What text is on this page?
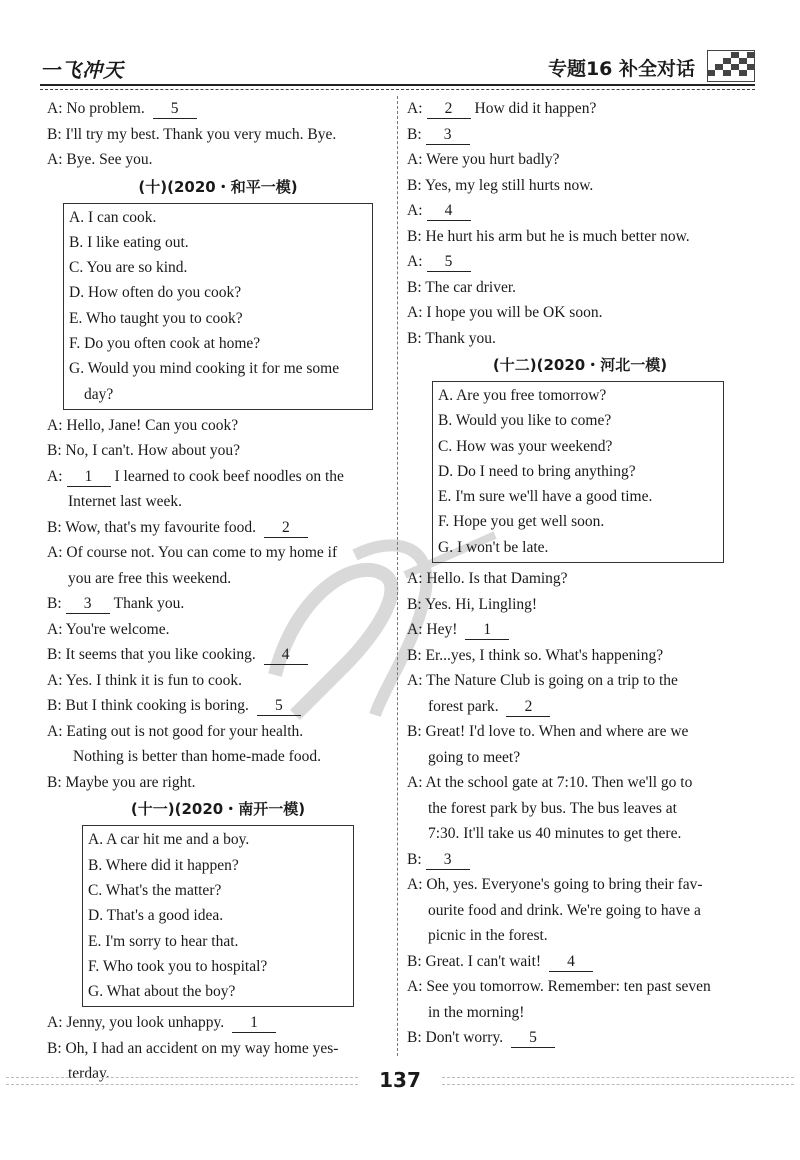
一飞冲天	专题16 补全对话
A: No problem. 5
B: I'll try my best. Thank you very much. Bye.
A: Bye. See you.
(十)(2020・和平一模)
A. I can cook.
B. I like eating out.
C. You are so kind.
D. How often do you cook?
E. Who taught you to cook?
F. Do you often cook at home?
G. Would you mind cooking it for me some
day?
A: Hello, Jane! Can you cook?
B: No, I can't. How about you?
A: 1 I learned to cook beef noodles on the
Internet last week.
B: Wow, that's my favourite food. 2
A: Of course not. You can come to my home if
you are free this weekend.
B: 3 Thank you.
A: You're welcome.
B: It seems that you like cooking. 4
A: Yes. I think it is fun to cook.
B: But I think cooking is boring. 5
A: Eating out is not good for your health.
Nothing is better than home-made food.
B: Maybe you are right.
(十一)(2020・南开一模)
A. A car hit me and a boy.
B. Where did it happen?
C. What's the matter?
D. That's a good idea.
E. I'm sorry to hear that.
F. Who took you to hospital?
G. What about the boy?
A: Jenny, you look unhappy. 1
B: Oh, I had an accident on my way home yes-
terday.
A: 2 How did it happen?
B: 3
A: Were you hurt badly?
B: Yes, my leg still hurts now.
A: 4
B: He hurt his arm but he is much better now.
A: 5
B: The car driver.
A: I hope you will be OK soon.
B: Thank you.
(十二)(2020・河北一模)
A. Are you free tomorrow?
B. Would you like to come?
C. How was your weekend?
D. Do I need to bring anything?
E. I'm sure we'll have a good time.
F. Hope you get well soon.
G. I won't be late.
A: Hello. Is that Daming?
B: Yes. Hi, Lingling!
A: Hey! 1
B: Er...yes, I think so. What's happening?
A: The Nature Club is going on a trip to the
forest park. 2
B: Great! I'd love to. When and where are we
going to meet?
A: At the school gate at 7:10. Then we'll go to
the forest park by bus. The bus leaves at
7:30. It'll take us 40 minutes to get there.
B: 3
A: Oh, yes. Everyone's going to bring their fav-
ourite food and drink. We're going to have a
picnic in the forest.
B: Great. I can't wait! 4
A: See you tomorrow. Remember: ten past seven
in the morning!
B: Don't worry. 5
137
